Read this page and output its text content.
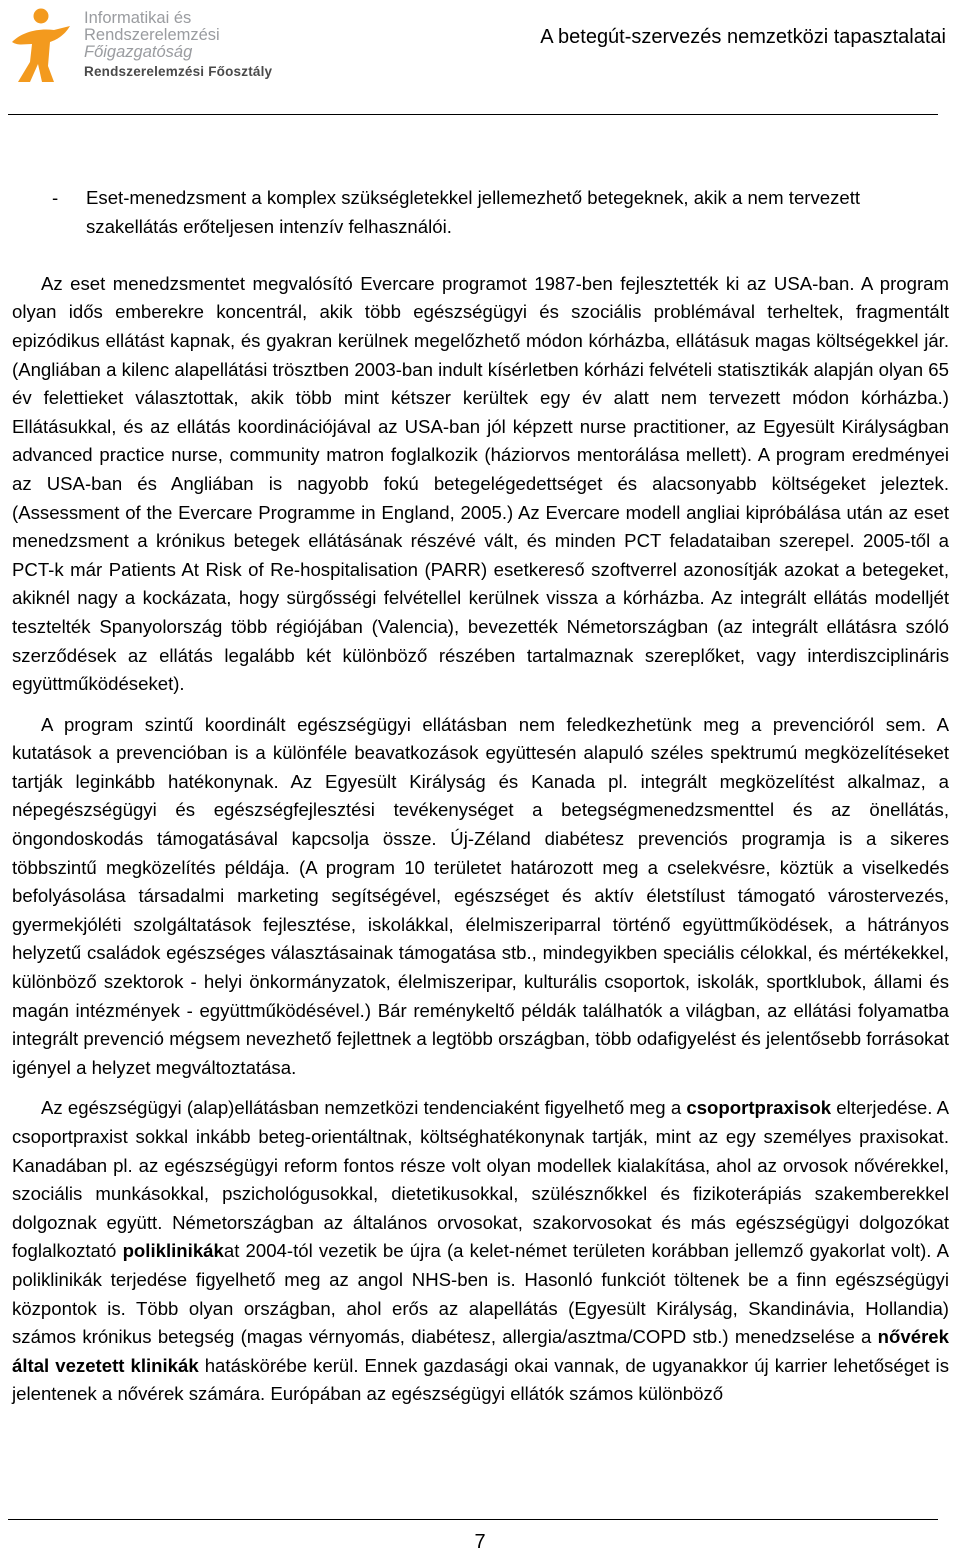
Informatikai és
Rendszerelemzési
Főigazgatóság
Rendszerelemzési Főosztály
A betegút-szervezés nemzetközi tapasztalatai
-	Eset-menedzsment a komplex szükségletekkel jellemezhető betegeknek, akik a nem tervezett szakellátás erőteljesen intenzív felhasználói.

Az eset menedzsmentet megvalósító Evercare programot 1987-ben fejlesztették ki az USA-ban. A program olyan idős emberekre koncentrál, akik több egészségügyi és szociális problémával terheltek, fragmentált epizódikus ellátást kapnak, és gyakran kerülnek megelőzhető módon kórházba, ellátásuk magas költségekkel jár. (Angliában a kilenc alapellátási trösztben 2003-ban indult kísérletben kórházi felvételi statisztikák alapján olyan 65 év felettieket választottak, akik több mint kétszer kerültek egy év alatt nem tervezett módon kórházba.) Ellátásukkal, és az ellátás koordinációjával az USA-ban jól képzett nurse practitioner, az Egyesült Királyságban advanced practice nurse, community matron foglalkozik (háziorvos mentorálása mellett). A program eredményei az USA-ban és Angliában is nagyobb fokú betegelégedettséget és alacsonyabb költségeket jeleztek. (Assessment of the Evercare Programme in England, 2005.) Az Evercare modell angliai kipróbálása után az eset menedzsment a krónikus betegek ellátásának részévé vált, és minden PCT feladataiban szerepel. 2005-től a PCT-k már Patients At Risk of Re-hospitalisation (PARR) esetkereső szoftverrel azonosítják azokat a betegeket, akiknél nagy a kockázata, hogy sürgősségi felvétellel kerülnek vissza a kórházba. Az integrált ellátás modelljét tesztelték Spanyolország több régiójában (Valencia), bevezették Németországban (az integrált ellátásra szóló szerződések az ellátás legalább két különböző részében tartalmaznak szereplőket, vagy interdiszciplináris együttműködéseket).

A program szintű koordinált egészségügyi ellátásban nem feledkezhetünk meg a prevencióról sem. A kutatások a prevencióban is a különféle beavatkozások együttesén alapuló széles spektrumú megközelítéseket tartják leginkább hatékonynak. Az Egyesült Királyság és Kanada pl. integrált megközelítést alkalmaz, a népegészségügyi és egészségfejlesztési tevékenységet a betegségmenedzsmenttel és az önellátás, öngondoskodás támogatásával kapcsolja össze. Új-Zéland diabétesz prevenciós programja is a sikeres többszintű megközelítés példája. (A program 10 területet határozott meg a cselekvésre, köztük a viselkedés befolyásolása társadalmi marketing segítségével, egészséget és aktív életstílust támogató várostervezés, gyermekjóléti szolgáltatások fejlesztése, iskolákkal, élelmiszeriparral történő együttműködések, a hátrányos helyzetű családok egészséges választásainak támogatása stb., mindegyikben speciális célokkal, és mértékekkel, különböző szektorok - helyi önkormányzatok, élelmiszeripar, kulturális csoportok, iskolák, sportklubok, állami és magán intézmények - együttműködésével.) Bár reménykeltő példák találhatók a világban, az ellátási folyamatba integrált prevenció mégsem nevezhető fejlettnek a legtöbb országban, több odafigyelést és jelentősebb forrásokat igényel a helyzet megváltoztatása.

Az egészségügyi (alap)ellátásban nemzetközi tendenciaként figyelhető meg a csoportpraxisok elterjedése. A csoportpraxist sokkal inkább beteg-orientáltnak, költséghatékonynak tartják, mint az egy személyes praxisokat. Kanadában pl. az egészségügyi reform fontos része volt olyan modellek kialakítása, ahol az orvosok nővérekkel, szociális munkásokkal, pszichológusokkal, dietetikusokkal, szülésznőkkel és fizikoterápiás szakemberekkel dolgoznak együtt. Németországban az általános orvosokat, szakorvosokat és más egészségügyi dolgozókat foglalkoztató poliklinikákat 2004-tól vezetik be újra (a kelet-német területen korábban jellemző gyakorlat volt). A poliklinikák terjedése figyelhető meg az angol NHS-ben is. Hasonló funkciót töltenek be a finn egészségügyi központok is. Több olyan országban, ahol erős az alapellátás (Egyesült Királyság, Skandinávia, Hollandia) számos krónikus betegség (magas vérnyomás, diabétesz, allergia/asztma/COPD stb.) menedzselése a nővérek által vezetett klinikák hatáskörébe kerül. Ennek gazdasági okai vannak, de ugyanakkor új karrier lehetőséget is jelentenek a nővérek számára. Európában az egészségügyi ellátók számos különböző

7
